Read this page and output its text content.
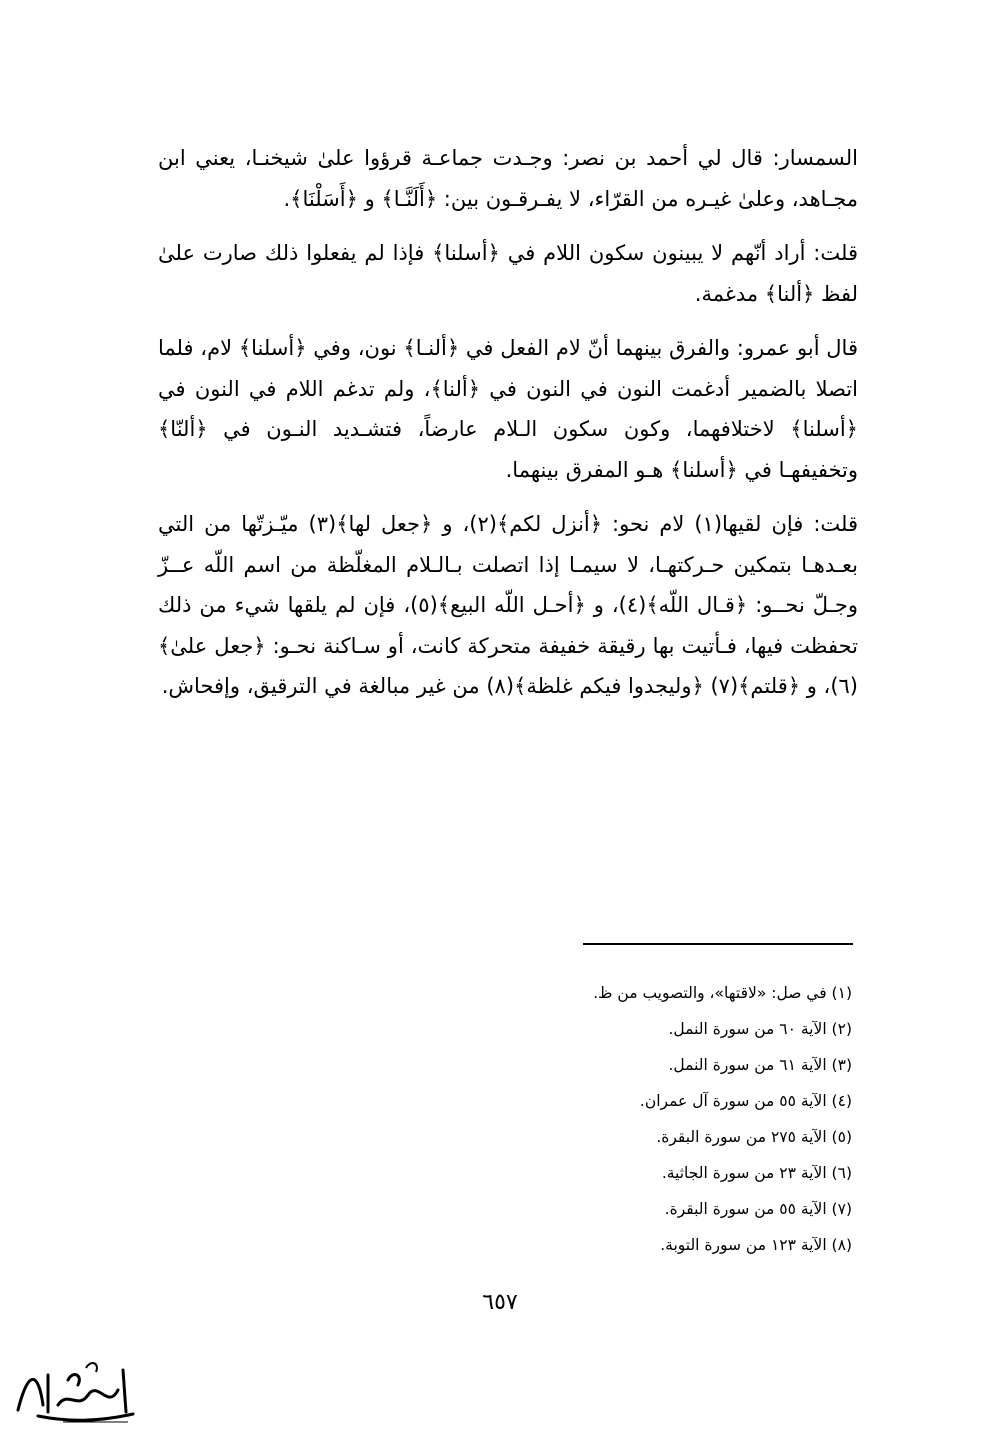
السمسار: قال لي أحمد بن نصر: وجـدت جماعـة قرؤوا علىٰ شيخنـا، يعني ابن مجـاهد، وعلىٰ غيـره من القرّاء، لا يفـرقـون بين: ﴿أَلَنَّـا﴾ و ﴿أَسَلْنَا﴾.

قلت: أراد أنّهم لا يبينون سكون اللام في ﴿أسلنا﴾ فإذا لم يفعلوا ذلك صارت علىٰ لفظ ﴿ألنا﴾ مدغمة.

قال أبو عمرو: والفرق بينهما أنّ لام الفعل في ﴿ألنـا﴾ نون، وفي ﴿أسلنا﴾ لام، فلما اتصلا بالضمير أدغمت النون في النون في ﴿ألنا﴾، ولم تدغم اللام في النون في ﴿أسلنا﴾ لاختلافهما، وكون سكون الـلام عارضاً، فتشـديد النـون في ﴿ألنّا﴾ وتخفيفهـا في ﴿أسلنا﴾ هـو المفرق بينهما.

قلت: فإن لقيها(١) لام نحو: ﴿أنزل لكم﴾(٢)، و ﴿جعل لها﴾(٣) ميّـزتّها من التي بعـدهـا بتمكين حـركتهـا، لا سيمـا إذا اتصلت بـالـلام المغلّظة من اسم اللّه عــزّ وجـلّ نحــو: ﴿قـال اللّه﴾(٤)، و ﴿أحـل اللّه البيع﴾(٥)، فإن لم يلقها شيء من ذلك تحفظت فيها، فـأتيت بها رقيقة خفيفة متحركة كانت، أو سـاكنة نحـو: ﴿جعل علىٰ﴾(٦)، و ﴿قلتم﴾(٧) ﴿وليجدوا فيكم غلظة﴾(٨) من غير مبالغة في الترقيق، وإفحاش.

(١) في صل: «لاقتها»، والتصويب من ظ.
(٢) الآية ٦٠ من سورة النمل.
(٣) الآية ٦١ من سورة النمل.
(٤) الآية ٥٥ من سورة آل عمران.
(٥) الآية ٢٧٥ من سورة البقرة.
(٦) الآية ٢٣ من سورة الجاثية.
(٧) الآية ٥٥ من سورة البقرة.
(٨) الآية ١٢٣ من سورة التوبة.
٦٥٧
